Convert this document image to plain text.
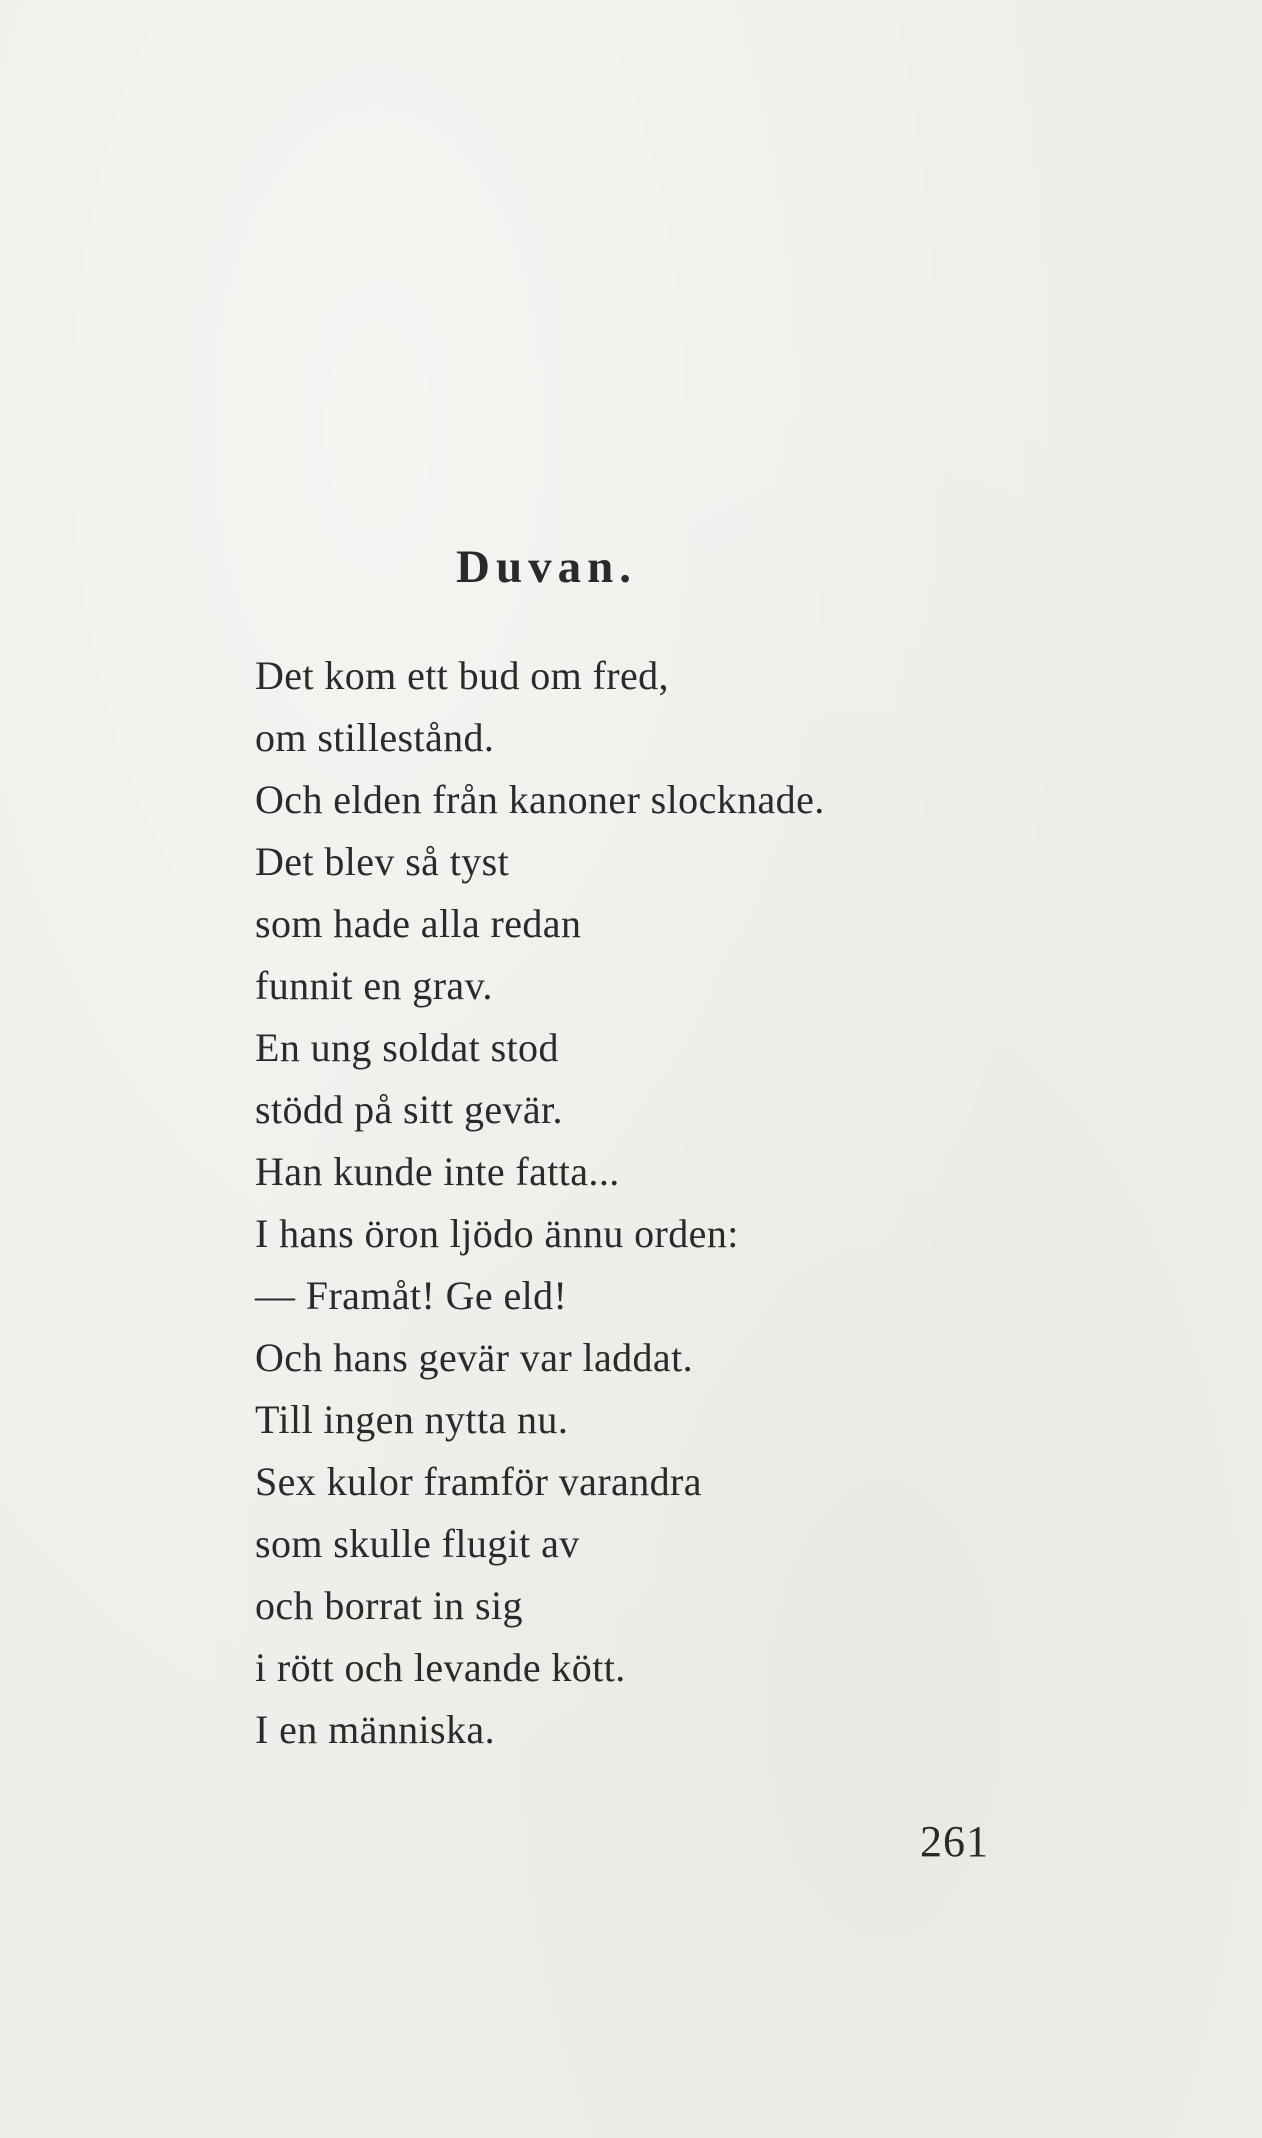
Duvan.
Det kom ett bud om fred,
om stillestånd.
Och elden från kanoner slocknade.
Det blev så tyst
som hade alla redan
funnit en grav.
En ung soldat stod
stödd på sitt gevär.
Han kunde inte fatta...
I hans öron ljödo ännu orden:
— Framåt! Ge eld!
Och hans gevär var laddat.
Till ingen nytta nu.
Sex kulor framför varandra
som skulle flugit av
och borrat in sig
i rött och levande kött.
I en människa.
261
